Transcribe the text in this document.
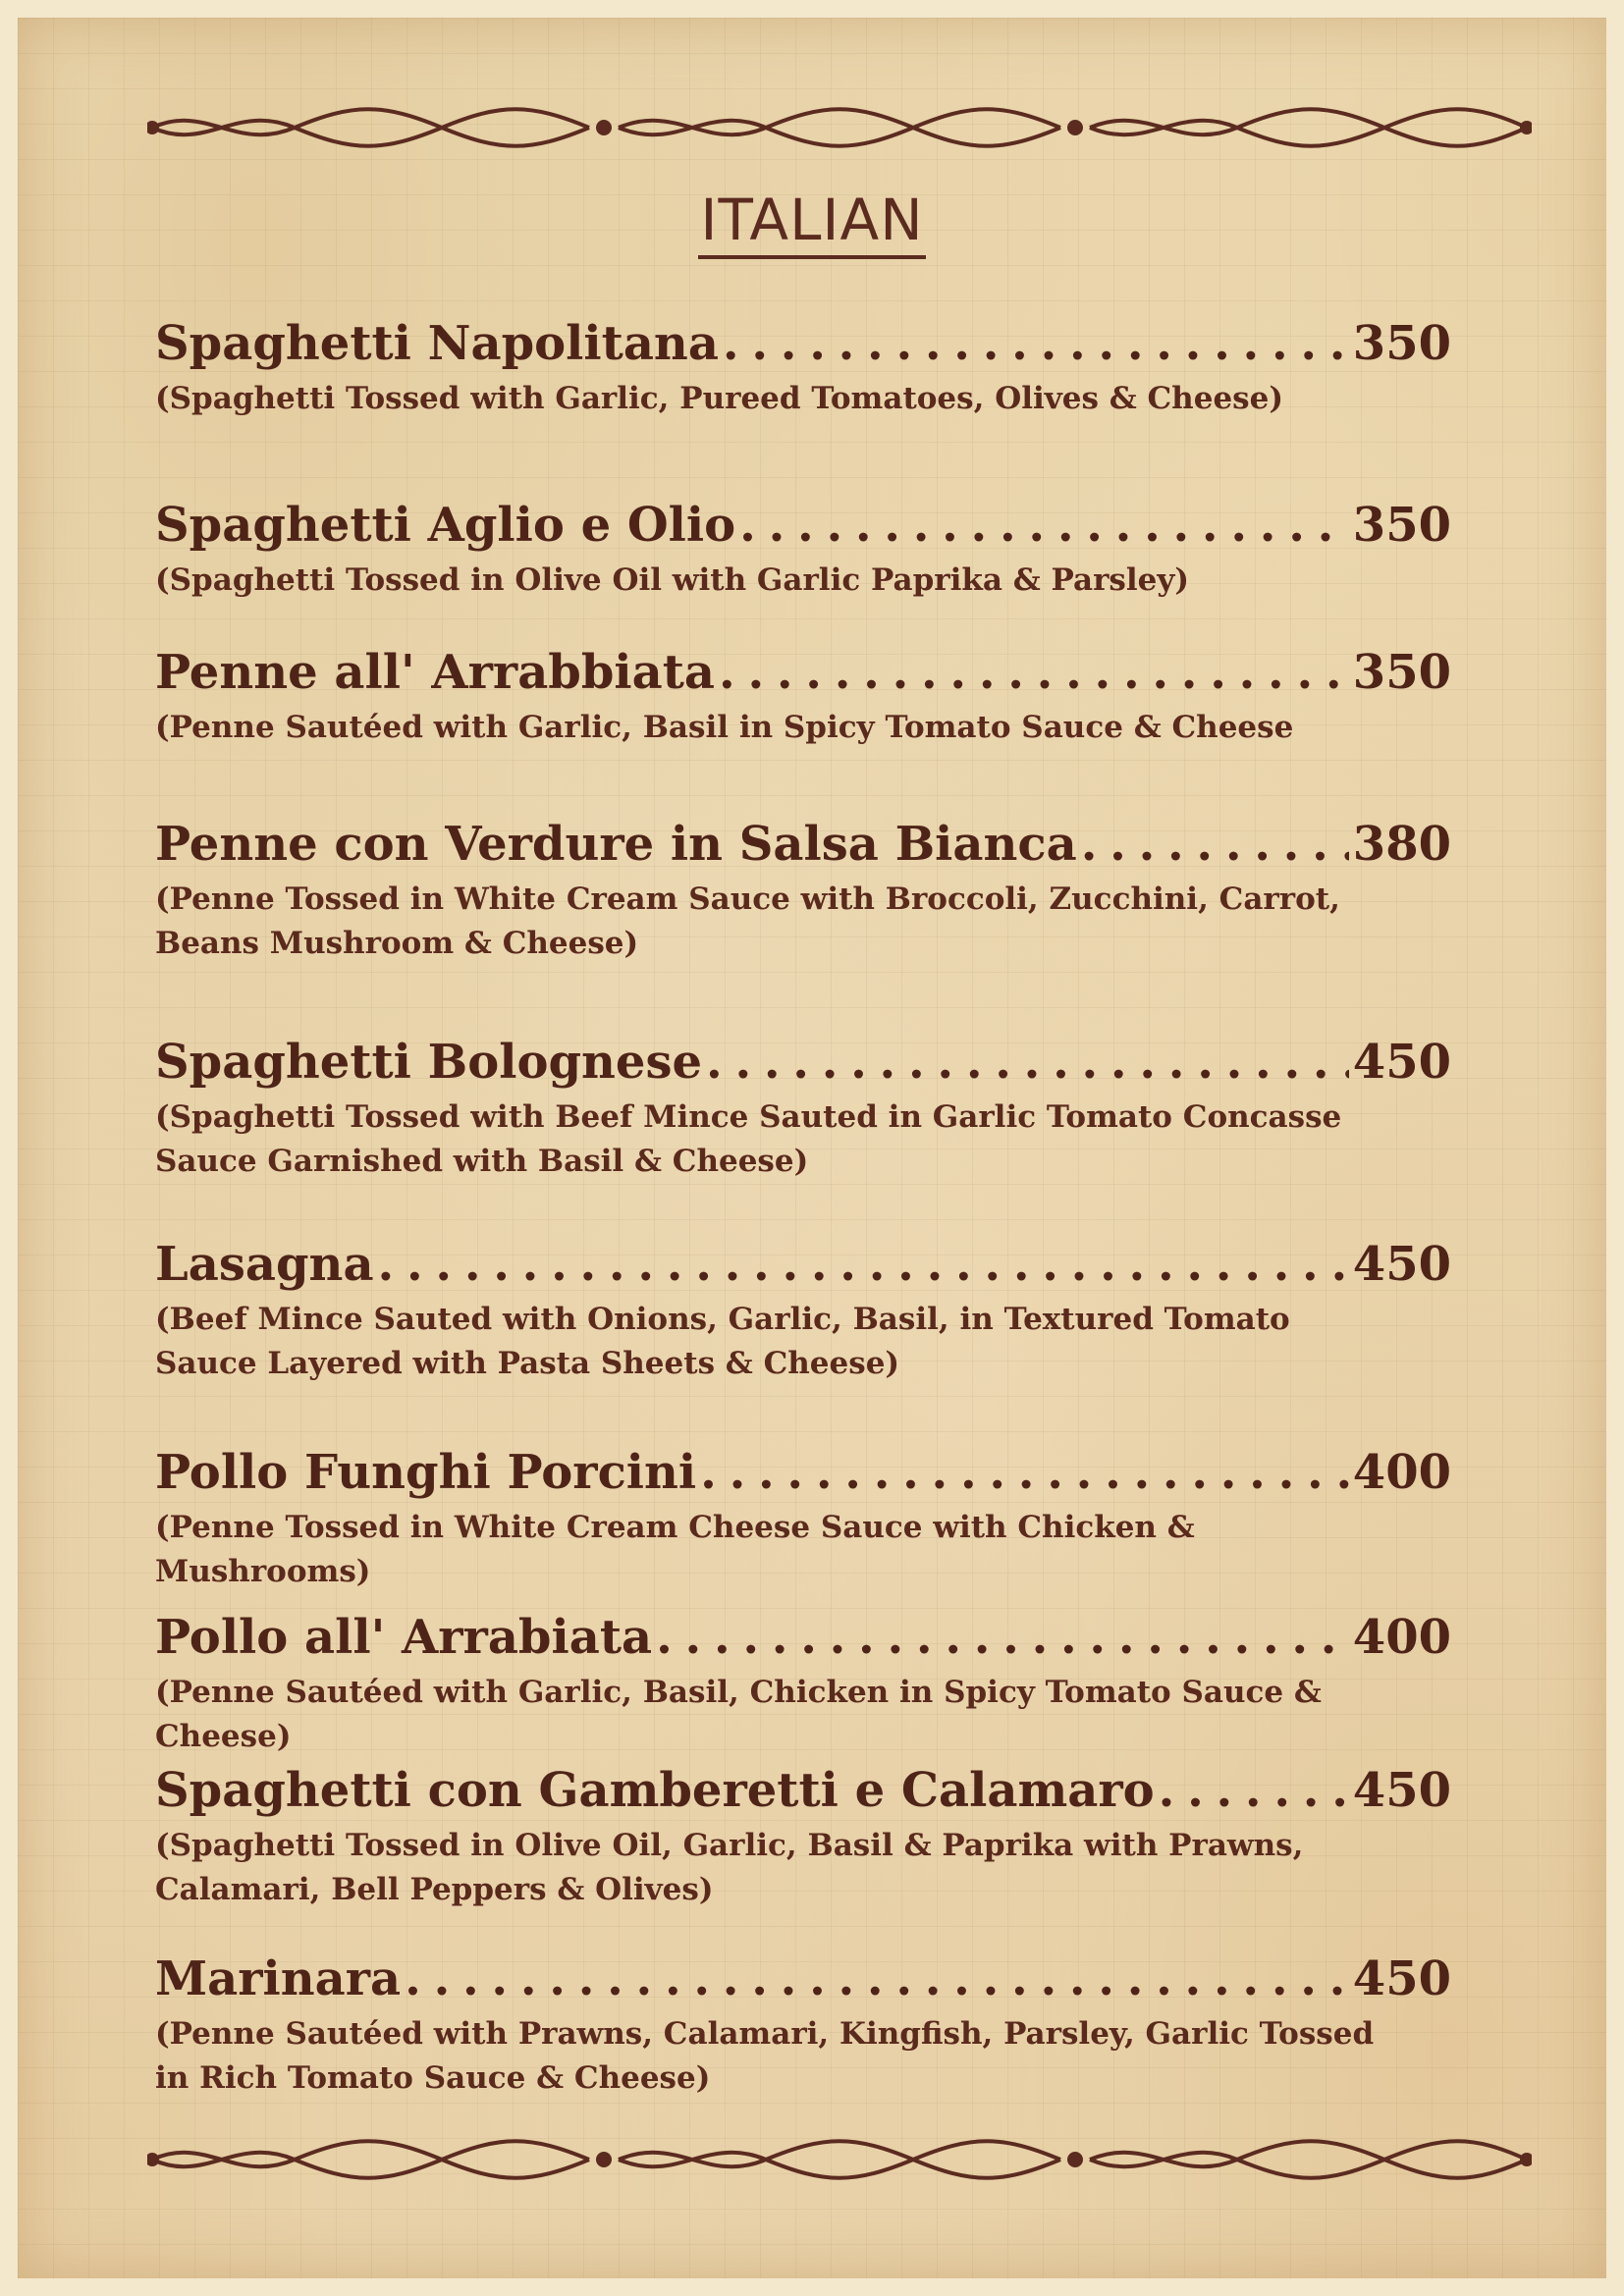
ITALIAN
Spaghetti Napolitana . . .	350
(Spaghetti Tossed with Garlic, Pureed Tomatoes, Olives & Cheese)
Spaghetti Aglio e Olio . . .	350
(Spaghetti Tossed in Olive Oil with Garlic Paprika & Parsley)
Penne all' Arrabbiata . . .	350
(Penne Sautéed with Garlic, Basil in Spicy Tomato Sauce & Cheese
Penne con Verdure in Salsa Bianca . . .	380
(Penne Tossed in White Cream Sauce with Broccoli, Zucchini, Carrot, Beans Mushroom & Cheese)
Spaghetti Bolognese . . .	450
(Spaghetti Tossed with Beef Mince Sauted in Garlic Tomato Concasse Sauce Garnished with Basil & Cheese)
Lasagna . . .	450
(Beef Mince Sauted with Onions, Garlic, Basil, in Textured Tomato Sauce Layered with Pasta Sheets & Cheese)
Pollo Funghi Porcini . . .	400
(Penne Tossed in White Cream Cheese Sauce with Chicken & Mushrooms)
Pollo all' Arrabiata . . .	400
(Penne Sautéed with Garlic, Basil, Chicken in Spicy Tomato Sauce & Cheese)
Spaghetti con Gamberetti e Calamaro . . .	450
(Spaghetti Tossed in Olive Oil, Garlic, Basil & Paprika with Prawns, Calamari, Bell Peppers & Olives)
Marinara . . .	450
(Penne Sautéed with Prawns, Calamari, Kingfish, Parsley, Garlic Tossed in Rich Tomato Sauce & Cheese)
